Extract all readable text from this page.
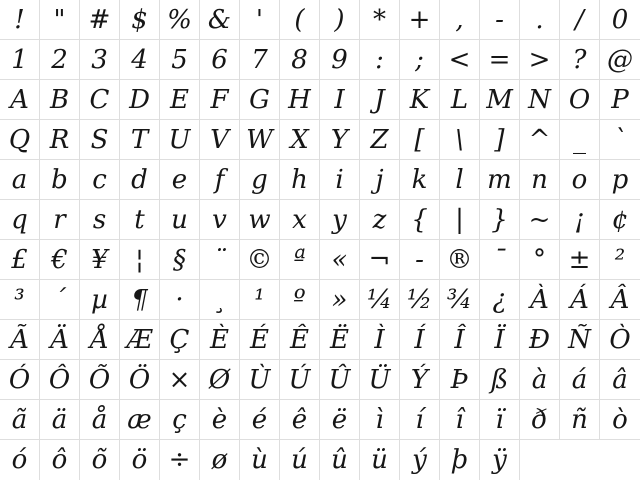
!	" # $ % & '	(	)	* + ,	-	.	/	0
1 2 3 4 5 6 7 8 9	:	; < = > ? @
A B C D E F G H I	J K L M N O P
Q R S T U V W X Y Z [	\	] ^ _	`
a b c d e	f	g h	i	j	k	l m n o p
q r	s	t	u v w x y z {	|	} ~ ¡	¢
£ € ¥	¦	§	¨ © ª « ¬ - ® ¯	° ± ²
³	´ µ ¶	·	¸	¹	º » ¼ ½ ¾ ¿ À Á Â
Ã Ä Å Æ Ç È É Ê Ë Ì	Í	Î	Ï Ð Ñ Ò
Ó Ô Õ Ö × Ø Ù Ú Û Ü Ý Þ ß à á â
ã ä å æ ç è é ê ë	ì	í	î	ï	ð ñ ò
ó ô õ ö ÷ ø ù ú û ü ý þ ÿ
